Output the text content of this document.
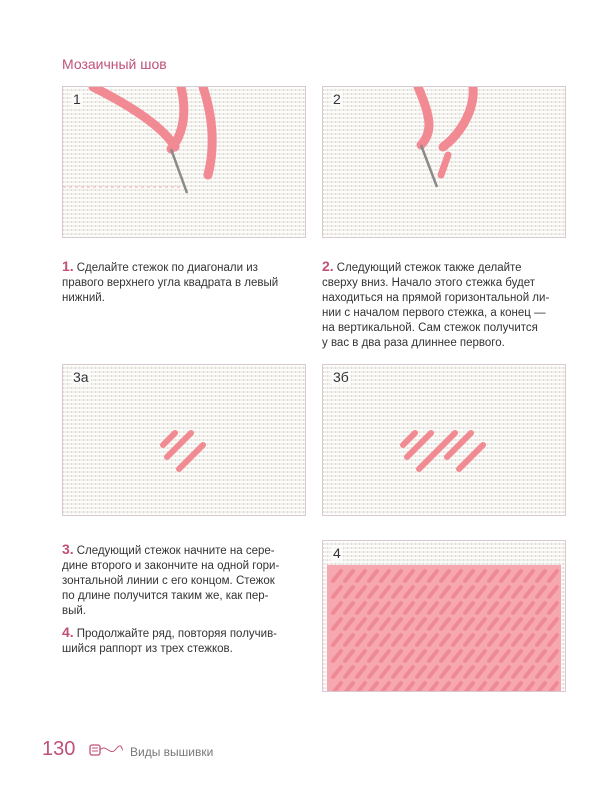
Мозаичный шов
1	2

1. Сделайте стежок по диагонали из

правого верхнего угла квадрата в левый

нижний.

2. Следующий стежок также делайте

сверху вниз. Начало этого стежка будет

находиться на прямой горизонтальной ли-

нии с началом первого стежка, а конец —

на вертикальной. Сам стежок получится

у вас в два раза длиннее первого.

3а	3б

3. Следующий стежок начните на сере-

дине второго и закончите на одной гори-

зонтальной линии с его концом. Стежок

по длине получится таким же, как пер-

вый.

4. Продолжайте ряд, повторяя получив-

шийся раппорт из трех стежков.

4
130	Виды вышивки
